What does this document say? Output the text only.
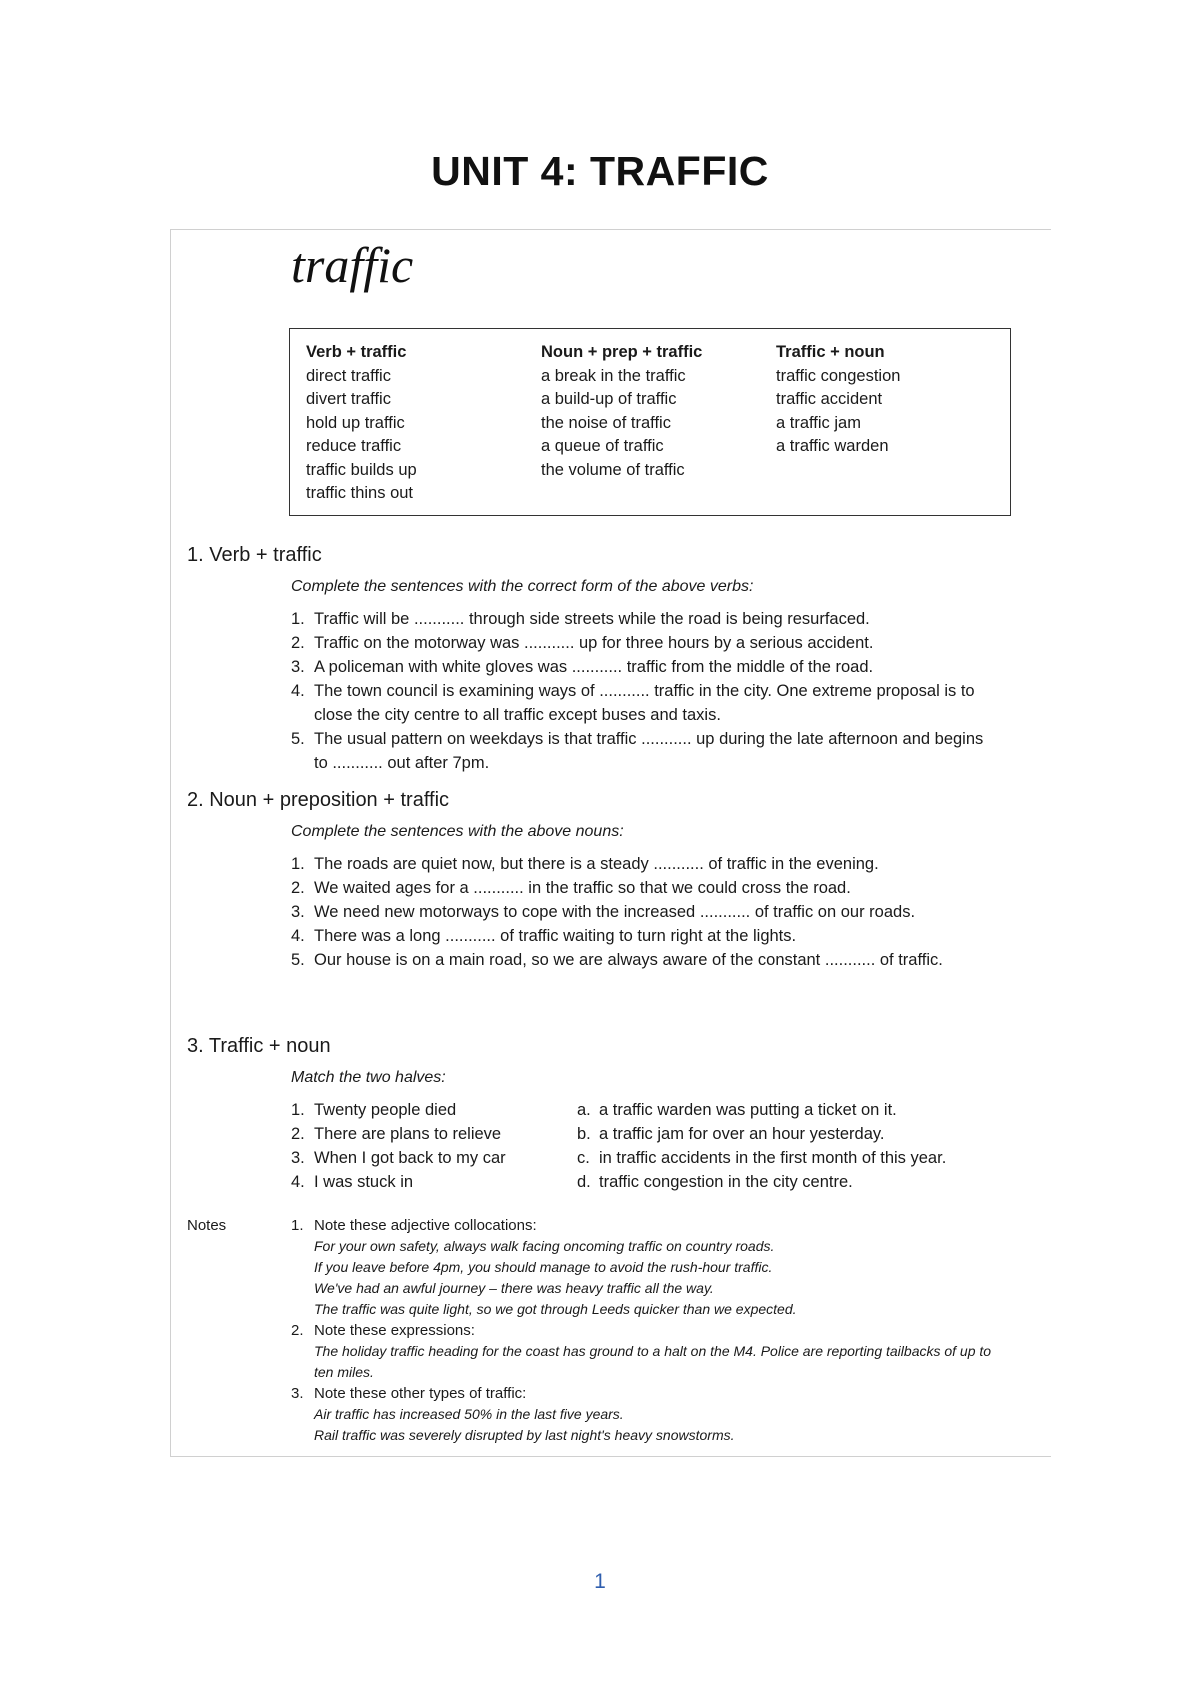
UNIT 4: TRAFFIC
traffic
Verb + traffic
direct traffic
divert traffic
hold up traffic
reduce traffic
traffic builds up
traffic thins out
Noun + prep + traffic
a break in the traffic
a build-up of traffic
the noise of traffic
a queue of traffic
the volume of traffic
Traffic + noun
traffic congestion
traffic accident
a traffic jam
a traffic warden
1. Verb + traffic
Complete the sentences with the correct form of the above verbs:
1. Traffic will be ........... through side streets while the road is being resurfaced.
2. Traffic on the motorway was ........... up for three hours by a serious accident.
3. A policeman with white gloves was ........... traffic from the middle of the road.
4. The town council is examining ways of ........... traffic in the city. One extreme proposal is to close the city centre to all traffic except buses and taxis.
5. The usual pattern on weekdays is that traffic ........... up during the late afternoon and begins to ........... out after 7pm.
2. Noun + preposition + traffic
Complete the sentences with the above nouns:
1. The roads are quiet now, but there is a steady ........... of traffic in the evening.
2. We waited ages for a ........... in the traffic so that we could cross the road.
3. We need new motorways to cope with the increased ........... of traffic on our roads.
4. There was a long ........... of traffic waiting to turn right at the lights.
5. Our house is on a main road, so we are always aware of the constant ........... of traffic.
3. Traffic + noun
Match the two halves:
1. Twenty people died
2. There are plans to relieve
3. When I got back to my car
4. I was stuck in
a. a traffic warden was putting a ticket on it.
b. a traffic jam for over an hour yesterday.
c. in traffic accidents in the first month of this year.
d. traffic congestion in the city centre.
Notes	1. Note these adjective collocations:
For your own safety, always walk facing oncoming traffic on country roads.
If you leave before 4pm, you should manage to avoid the rush-hour traffic.
We've had an awful journey – there was heavy traffic all the way.
The traffic was quite light, so we got through Leeds quicker than we expected.
2. Note these expressions:
The holiday traffic heading for the coast has ground to a halt on the M4. Police are reporting tailbacks of up to ten miles.
3. Note these other types of traffic:
Air traffic has increased 50% in the last five years.
Rail traffic was severely disrupted by last night's heavy snowstorms.
1
